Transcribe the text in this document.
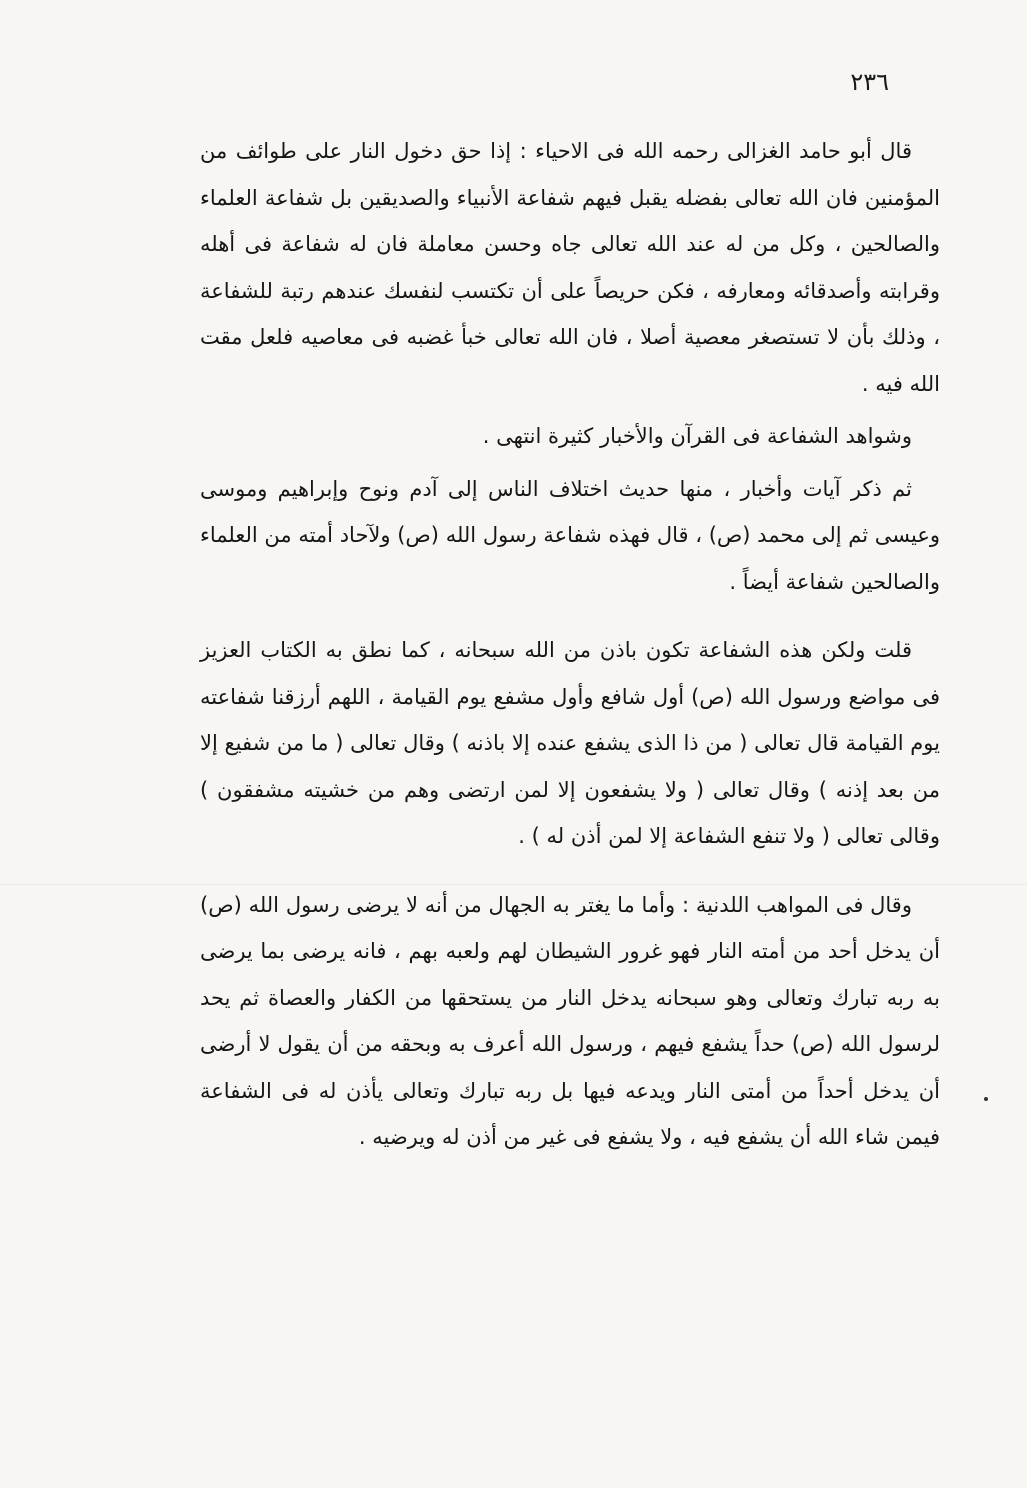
٢٣٦

قال أبو حامد الغزالى رحمه الله فى الاحياء : إذا حق دخول النار على طوائف من المؤمنين فان الله تعالى بفضله يقبل فيهم شفاعة الأنبياء والصديقين بل شفاعة العلماء والصالحين ، وكل من له عند الله تعالى جاه وحسن معاملة فان له شفاعة فى أهله وقرابته وأصدقائه ومعارفه ، فكن حريصاً على أن تكتسب لنفسك عندهم رتبة للشفاعة ، وذلك بأن لا تستصغر معصية أصلا ، فان الله تعالى خبأ غضبه فى معاصيه فلعل مقت الله فيه .

وشواهد الشفاعة فى القرآن والأخبار كثيرة انتهى .

ثم ذكر آيات وأخبار ، منها حديث اختلاف الناس إلى آدم ونوح وإبراهيم وموسى وعيسى ثم إلى محمد (ص) ، قال فهذه شفاعة رسول الله (ص) ولآحاد أمته من العلماء والصالحين شفاعة أيضاً .

قلت ولكن هذه الشفاعة تكون باذن من الله سبحانه ، كما نطق به الكتاب العزيز فى مواضع ورسول الله (ص) أول شافع وأول مشفع يوم القيامة ، اللهم أرزقنا شفاعته يوم القيامة قال تعالى ( من ذا الذى يشفع عنده إلا باذنه ) وقال تعالى ( ما من شفيع إلا من بعد إذنه ) وقال تعالى ( ولا يشفعون إلا لمن ارتضى وهم من خشيته مشفقون ) وقالى تعالى ( ولا تنفع الشفاعة إلا لمن أذن له ) .

وقال فى المواهب اللدنية : وأما ما يغتر به الجهال من أنه لا يرضى رسول الله (ص) أن يدخل أحد من أمته النار فهو غرور الشيطان لهم ولعبه بهم ، فانه يرضى بما يرضى به ربه تبارك وتعالى وهو سبحانه يدخل النار من يستحقها من الكفار والعصاة ثم يحد لرسول الله (ص) حداً يشفع فيهم ، ورسول الله أعرف به وبحقه من أن يقول لا أرضى أن يدخل أحداً من أمتى النار ويدعه فيها بل ربه تبارك وتعالى يأذن له فى الشفاعة فيمن شاء الله أن يشفع فيه ، ولا يشفع فى غير من أذن له ويرضيه .
